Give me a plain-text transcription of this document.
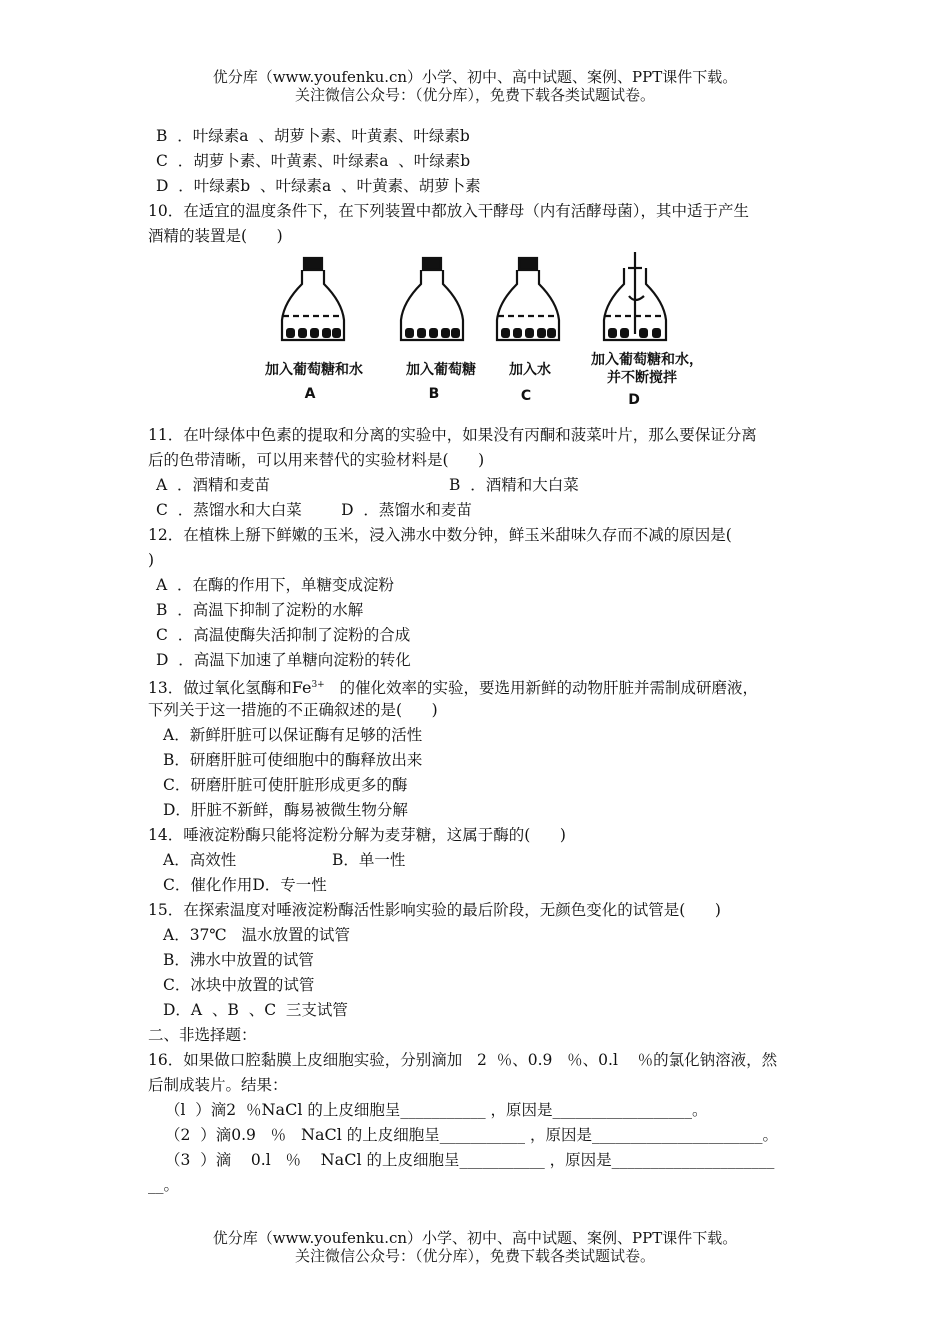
优分库（www.youfenku.cn）小学、初中、高中试题、案例、PPT课件下载。
关注微信公众号：（优分库），免费下载各类试题试卷。
B  ．叶绿素a  、胡萝卜素、叶黄素、叶绿素b
C  ．胡萝卜素、叶黄素、叶绿素a  、叶绿素b
D  ．叶绿素b  、叶绿素a  、叶黄素、胡萝卜素
10．在适宜的温度条件下，在下列装置中都放入干酵母（内有活酵母菌），其中适于产生
酒精的装置是(      )
加入葡萄糖和水
A
加入葡萄糖
B
加入水
C
加入葡萄糖和水，
并不断搅拌
D
11．在叶绿体中色素的提取和分离的实验中，如果没有丙酮和菠菜叶片，那么要保证分离
后的色带清晰，可以用来替代的实验材料是(      )
A  ．酒精和麦苗	B  ．酒精和大白菜
C  ．蒸馏水和大白菜        D  ．蒸馏水和麦苗
12．在植株上掰下鲜嫩的玉米，浸入沸水中数分钟，鲜玉米甜味久存而不减的原因是(
)
A  ．在酶的作用下，单糖变成淀粉
B  ．高温下抑制了淀粉的水解
C  ．高温使酶失活抑制了淀粉的合成
D  ．高温下加速了单糖向淀粉的转化
13．做过氧化氢酶和$Fe^{3+}$   的催化效率的实验，要选用新鲜的动物肝脏并需制成研磨液，
下列关于这一措施的不正确叙述的是(      )
A．新鲜肝脏可以保证酶有足够的活性
B．研磨肝脏可使细胞中的酶释放出来
C．研磨肝脏可使肝脏形成更多的酶
D．肝脏不新鲜，酶易被微生物分解
14．唾液淀粉酶只能将淀粉分解为麦芽糖，这属于酶的(      )
A．高效性	B．单一性
C．催化作用D．专一性
15．在探索温度对唾液淀粉酶活性影响实验的最后阶段，无颜色变化的试管是(      )
A．37℃   温水放置的试管
B．沸水中放置的试管
C．冰块中放置的试管
D．A  、B  、C  三支试管
二、非选择题：
16．如果做口腔黏膜上皮细胞实验，分别滴加   2  ％、0.9   ％、0.l    ％的氯化钠溶液，然
后制成装片。结果：
（l  ）滴2  ％NaCl 的上皮细胞呈___________ ，原因是__________________。
（2  ）滴0.9   ％   NaCl 的上皮细胞呈___________ ，原因是______________________。
（3  ）滴    0.l   ％    NaCl 的上皮细胞呈___________ ，原因是_____________________
__。
优分库（www.youfenku.cn）小学、初中、高中试题、案例、PPT课件下载。
关注微信公众号：（优分库），免费下载各类试题试卷。
